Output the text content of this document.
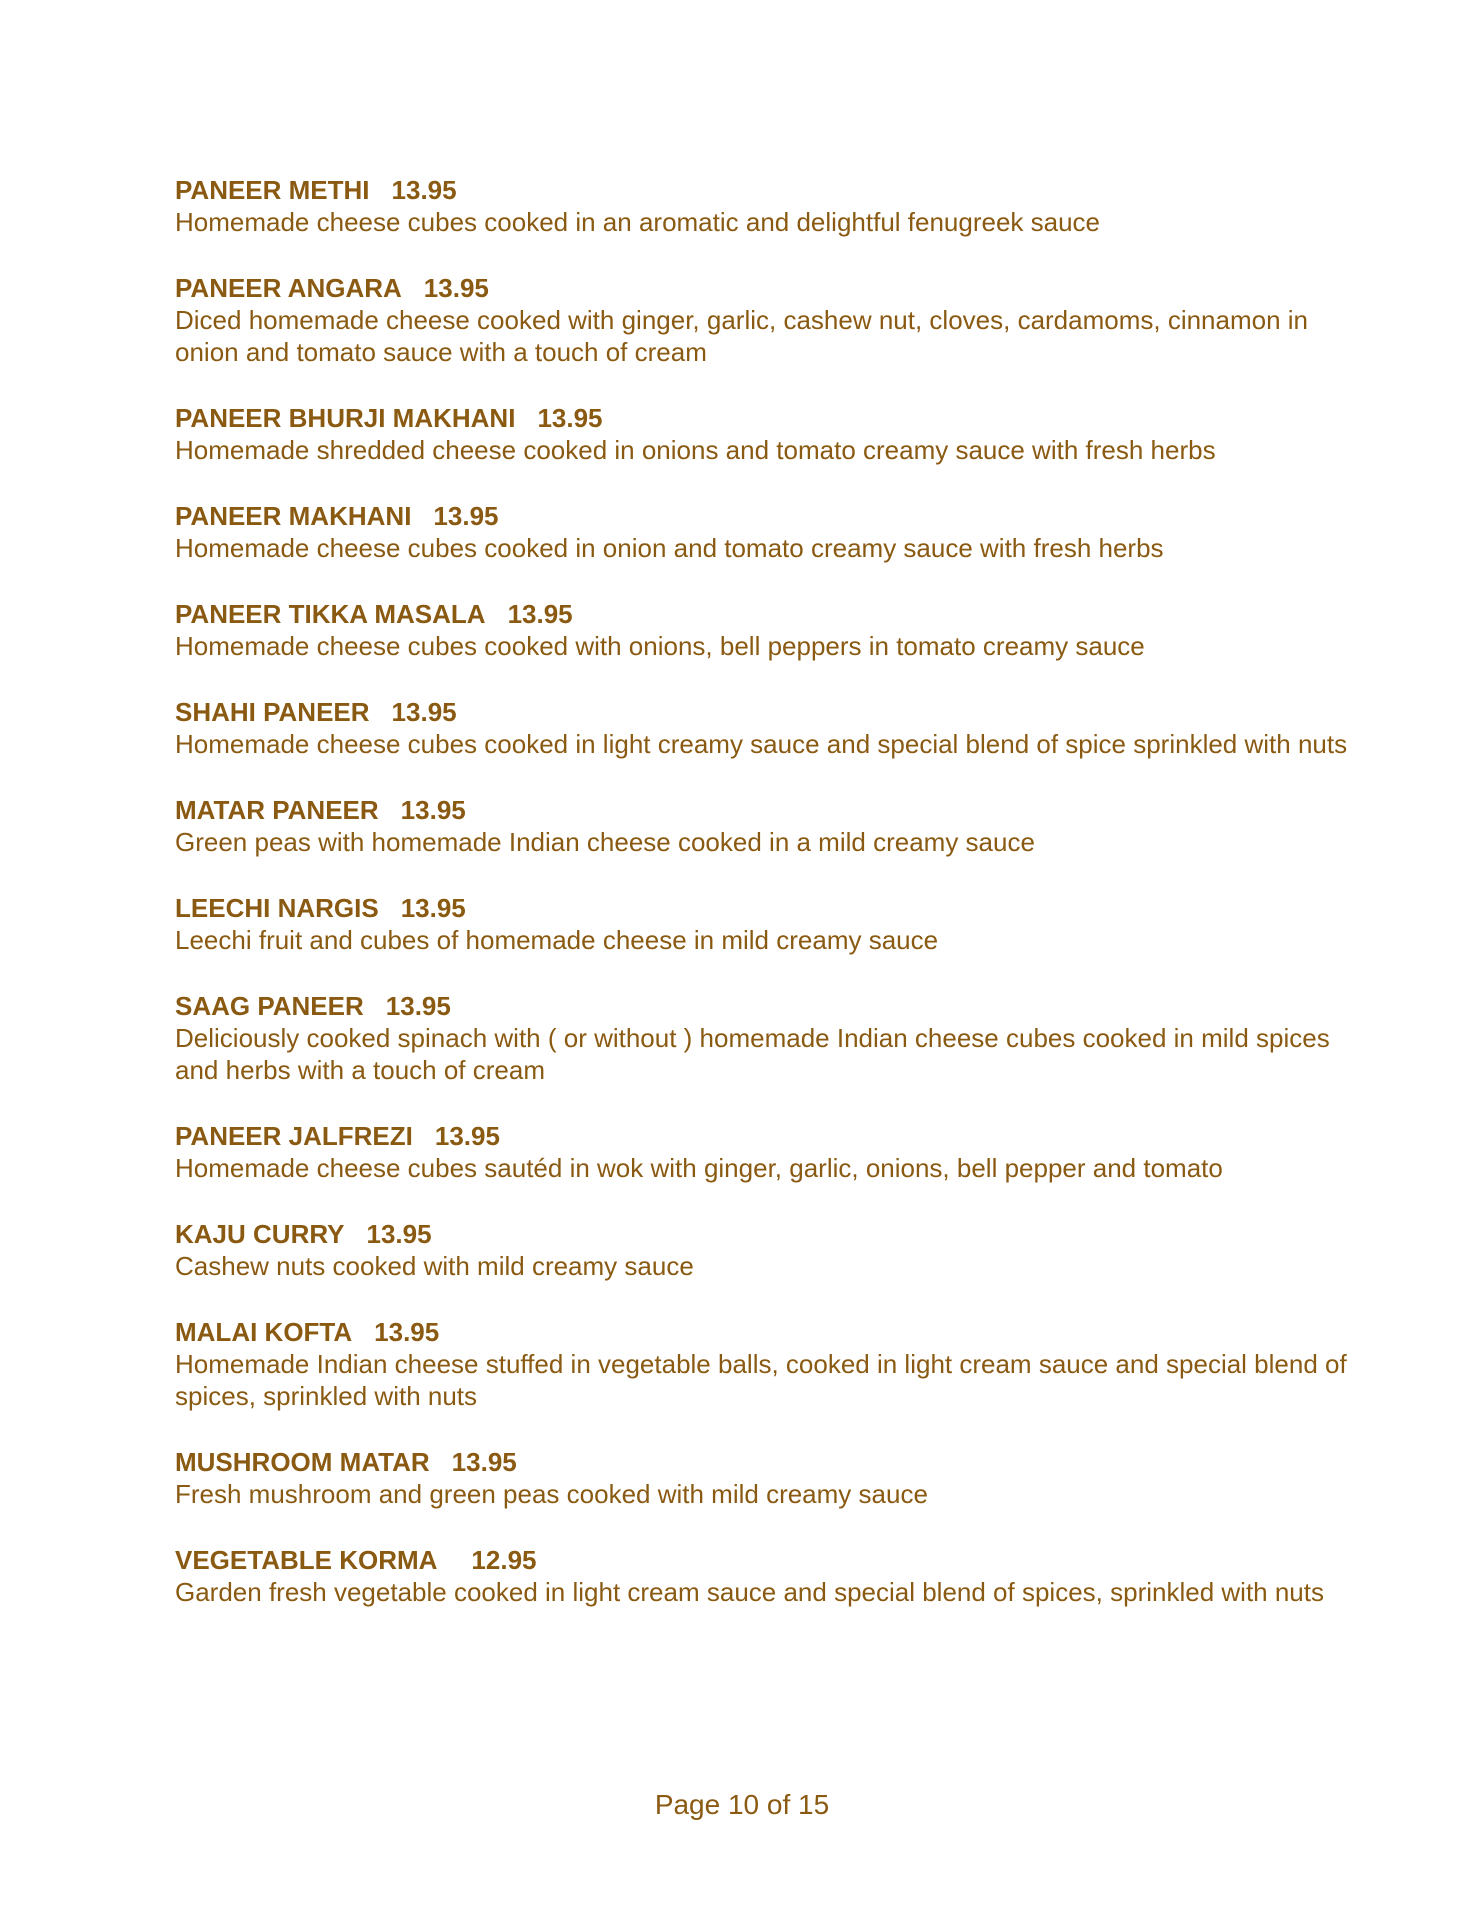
PANEER METHI 13.95
Homemade cheese cubes cooked in an aromatic and delightful fenugreek sauce
PANEER ANGARA 13.95
Diced homemade cheese cooked with ginger, garlic, cashew nut, cloves, cardamoms, cinnamon in onion and tomato sauce with a touch of cream
PANEER BHURJI MAKHANI 13.95
Homemade shredded cheese cooked in onions and tomato creamy sauce with fresh herbs
PANEER MAKHANI 13.95
Homemade cheese cubes cooked in onion and tomato creamy sauce with fresh herbs
PANEER TIKKA MASALA 13.95
Homemade cheese cubes cooked with onions, bell peppers in tomato creamy sauce
SHAHI PANEER 13.95
Homemade cheese cubes cooked in light creamy sauce and special blend of spice sprinkled with nuts
MATAR PANEER 13.95
Green peas with homemade Indian cheese cooked in a mild creamy sauce
LEECHI NARGIS 13.95
Leechi fruit and cubes of homemade cheese in mild creamy sauce
SAAG PANEER 13.95
Deliciously cooked spinach with ( or without ) homemade Indian cheese cubes cooked in mild spices and herbs with a touch of cream
PANEER JALFREZI 13.95
Homemade cheese cubes sautéd in wok with ginger, garlic, onions, bell pepper and tomato
KAJU CURRY 13.95
Cashew nuts cooked with mild creamy sauce
MALAI KOFTA 13.95
Homemade Indian cheese stuffed in vegetable balls, cooked in light cream sauce and special blend of spices, sprinkled with nuts
MUSHROOM MATAR 13.95
Fresh mushroom and green peas cooked with mild creamy sauce
VEGETABLE KORMA 12.95
Garden fresh vegetable cooked in light cream sauce and special blend of spices, sprinkled with nuts
Page 10 of 15
